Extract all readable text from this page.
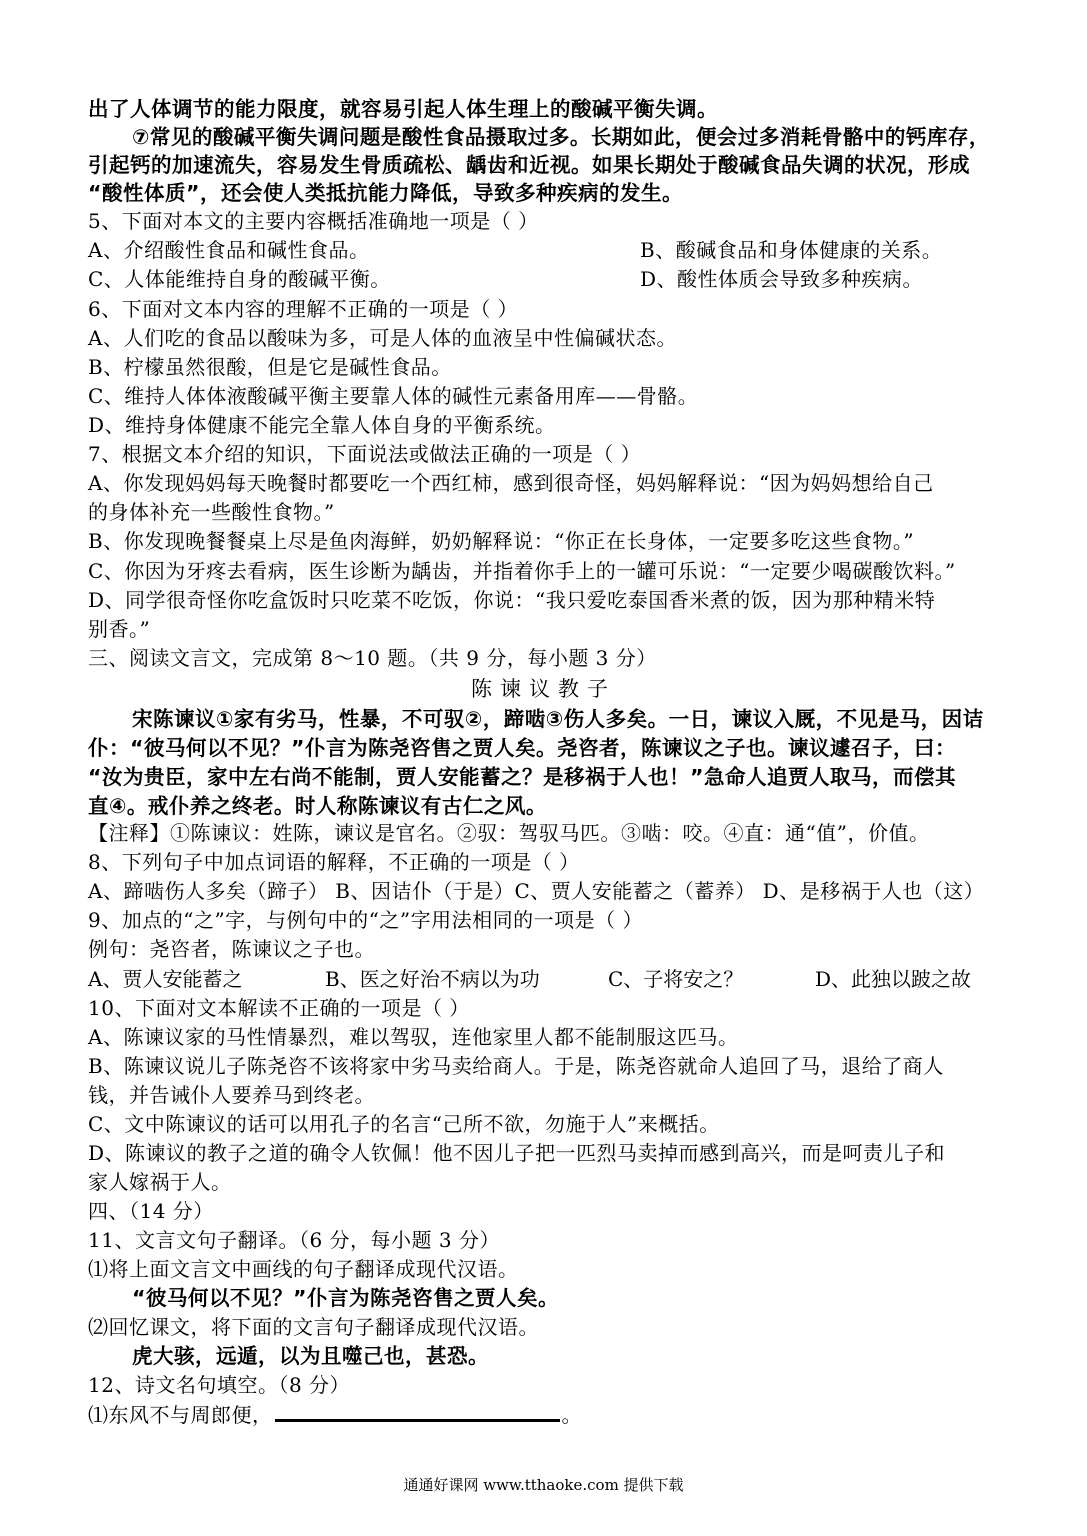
出了人体调节的能力限度，就容易引起人体生理上的酸碱平衡失调。
⑦常见的酸碱平衡失调问题是酸性食品摄取过多。长期如此，便会过多消耗骨骼中的钙库存，
引起钙的加速流失，容易发生骨质疏松、龋齿和近视。如果长期处于酸碱食品失调的状况，形成
“酸性体质”，还会使人类抵抗能力降低，导致多种疾病的发生。
5、下面对本文的主要内容概括准确地一项是（ ）
A、介绍酸性食品和碱性食品。	B、酸碱食品和身体健康的关系。
C、人体能维持自身的酸碱平衡。	D、酸性体质会导致多种疾病。
6、下面对文本内容的理解不正确的一项是（ ）
A、人们吃的食品以酸味为多，可是人体的血液呈中性偏碱状态。
B、柠檬虽然很酸，但是它是碱性食品。
C、维持人体体液酸碱平衡主要靠人体的碱性元素备用库——骨骼。
D、维持身体健康不能完全靠人体自身的平衡系统。
7、根据文本介绍的知识，下面说法或做法正确的一项是（ ）
A、你发现妈妈每天晚餐时都要吃一个西红柿，感到很奇怪，妈妈解释说：“因为妈妈想给自己
的身体补充一些酸性食物。”
B、你发现晚餐餐桌上尽是鱼肉海鲜，奶奶解释说：“你正在长身体，一定要多吃这些食物。”
C、你因为牙疼去看病，医生诊断为龋齿，并指着你手上的一罐可乐说：“一定要少喝碳酸饮料。”
D、同学很奇怪你吃盒饭时只吃菜不吃饭，你说：“我只爱吃泰国香米煮的饭，因为那种精米特
别香。”
三、阅读文言文，完成第 8～10 题。（共 9 分，每小题 3 分）
陈谏议教子
宋陈谏议①家有劣马，性暴，不可驭②，蹄啮③伤人多矣。一日，谏议入厩，不见是马，因诘
仆：“彼马何以不见？”仆言为陈尧咨售之贾人矣。尧咨者，陈谏议之子也。谏议遽召子，曰：
“汝为贵臣，家中左右尚不能制，贾人安能蓄之？是移祸于人也！”急命人追贾人取马，而偿其
直④。戒仆养之终老。时人称陈谏议有古仁之风。
【注释】①陈谏议：姓陈，谏议是官名。②驭：驾驭马匹。③啮：咬。④直：通“值”，价值。
8、下列句子中加点词语的解释，不正确的一项是（ ）
A、蹄啮伤人多矣（蹄子） B、因诘仆（于是）C、贾人安能蓄之（蓄养） D、是移祸于人也（这）
9、加点的“之”字，与例句中的“之”字用法相同的一项是（ ）
例句：尧咨者，陈谏议之子也。
A、贾人安能蓄之	B、医之好治不病以为功	C、子将安之？	D、此独以跛之故
10、下面对文本解读不正确的一项是（ ）
A、陈谏议家的马性情暴烈，难以驾驭，连他家里人都不能制服这匹马。
B、陈谏议说儿子陈尧咨不该将家中劣马卖给商人。于是，陈尧咨就命人追回了马，退给了商人
钱，并告诫仆人要养马到终老。
C、文中陈谏议的话可以用孔子的名言“己所不欲，勿施于人”来概括。
D、陈谏议的教子之道的确令人钦佩！他不因儿子把一匹烈马卖掉而感到高兴，而是呵责儿子和
家人嫁祸于人。
四、（14 分）
11、文言文句子翻译。（6 分，每小题 3 分）
⑴将上面文言文中画线的句子翻译成现代汉语。
“彼马何以不见？”仆言为陈尧咨售之贾人矣。
⑵回忆课文，将下面的文言句子翻译成现代汉语。
虎大骇，远遁，以为且噬己也，甚恐。
12、诗文名句填空。（8 分）
⑴东风不与周郎便，	。
通通好课网 www.tthaoke.com 提供下载
